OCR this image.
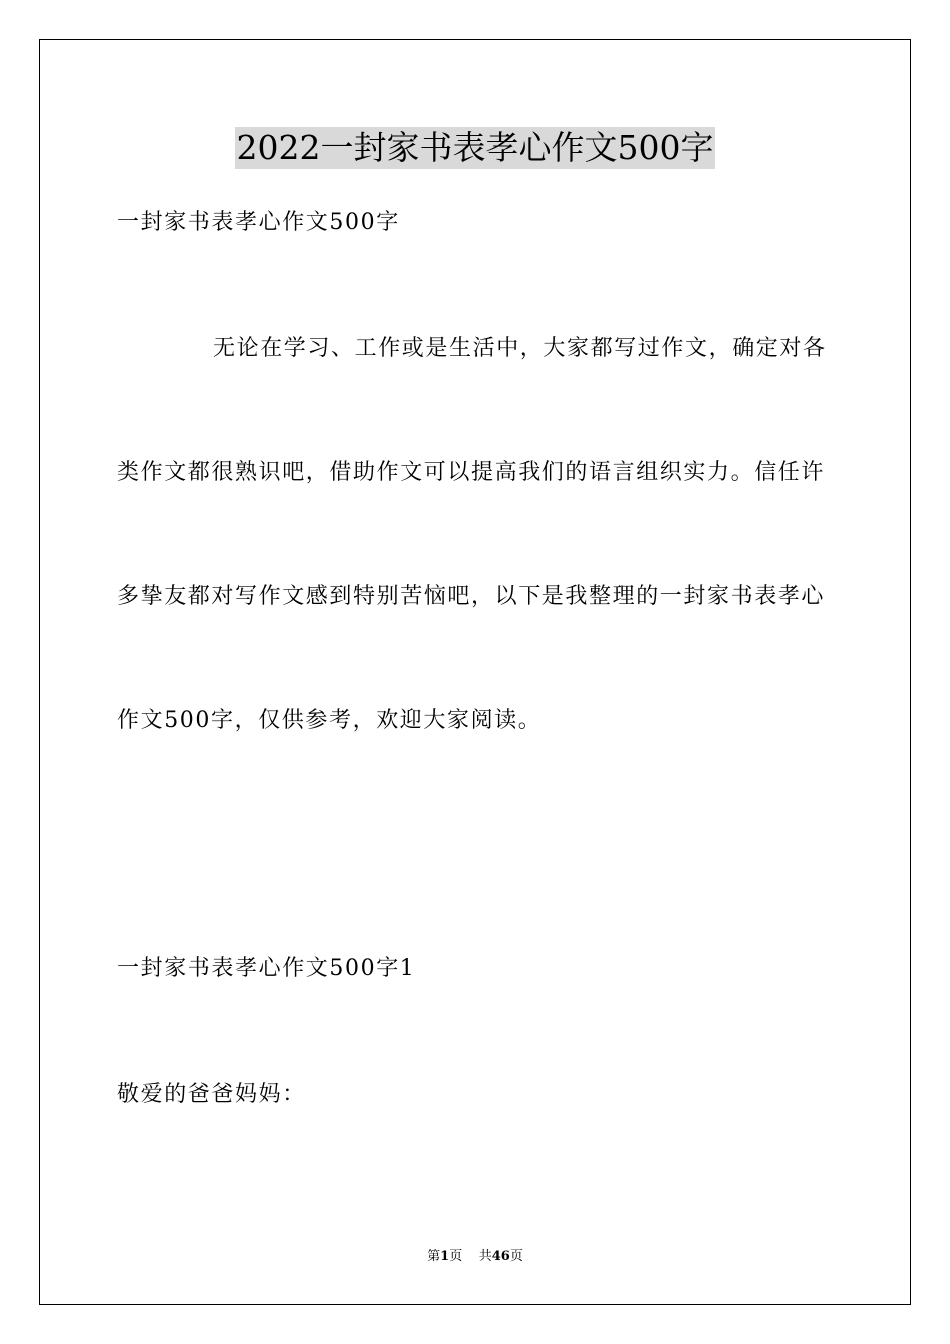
2022一封家书表孝心作文500字
一封家书表孝心作文500字
无论在学习、工作或是生活中，大家都写过作文，确定对各
类作文都很熟识吧，借助作文可以提高我们的语言组织实力。信任许
多挚友都对写作文感到特别苦恼吧，以下是我整理的一封家书表孝心
作文500字，仅供参考，欢迎大家阅读。
一封家书表孝心作文500字1
敬爱的爸爸妈妈：
第1页 共46页
